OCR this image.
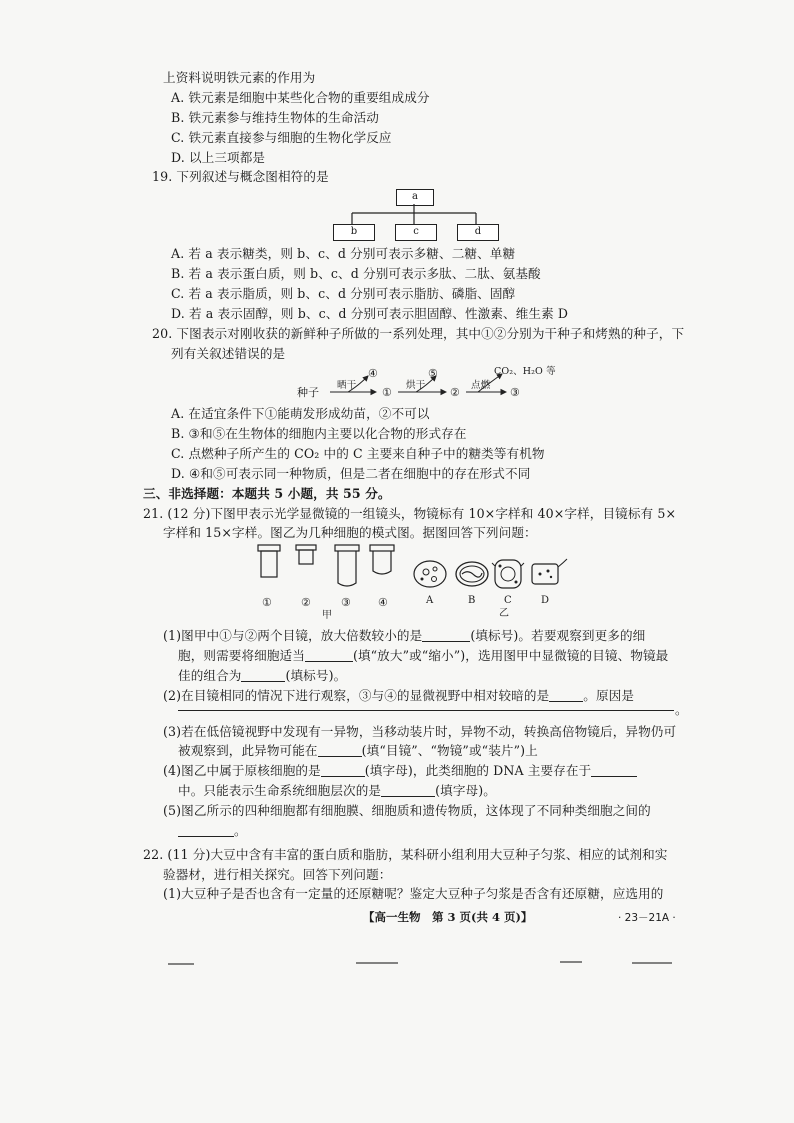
上资料说明铁元素的作用为
A. 铁元素是细胞中某些化合物的重要组成成分
B. 铁元素参与维持生物体的生命活动
C. 铁元素直接参与细胞的生物化学反应
D. 以上三项都是
19. 下列叙述与概念图相符的是
a
b	c	d
A. 若 a 表示糖类，则 b、c、d 分别可表示多糖、二糖、单糖
B. 若 a 表示蛋白质，则 b、c、d 分别可表示多肽、二肽、氨基酸
C. 若 a 表示脂质，则 b、c、d 分别可表示脂肪、磷脂、固醇
D. 若 a 表示固醇，则 b、c、d 分别可表示胆固醇、性激素、维生素 D
20. 下图表示对刚收获的新鲜种子所做的一系列处理，其中①②分别为干种子和烤熟的种子，下
列有关叙述错误的是
种子
晒干
④
①
烘干
⑤
②
点燃
CO₂、H₂O 等
③
A. 在适宜条件下①能萌发形成幼苗，②不可以
B. ③和⑤在生物体的细胞内主要以化合物的形式存在
C. 点燃种子所产生的 CO₂ 中的 C 主要来自种子中的糖类等有机物
D. ④和⑤可表示同一种物质，但是二者在细胞中的存在形式不同
三、非选择题：本题共 5 小题，共 55 分。
21. (12 分)下图甲表示光学显微镜的一组镜头，物镜标有 10×字样和 40×字样，目镜标有 5×
字样和 15×字样。图乙为几种细胞的模式图。据图回答下列问题：
①	②	③ ④
甲
A	B	C	D
乙
(1)图甲中①与②两个目镜，放大倍数较小的是	(填标号)。若要观察到更多的细
胞，则需要将细胞适当	(填“放大”或“缩小”)，选用图甲中显微镜的目镜、物镜最
佳的组合为	(填标号)。
(2)在目镜相同的情况下进行观察，③与④的显微视野中相对较暗的是	。原因是
。
(3)若在低倍镜视野中发现有一异物，当移动装片时，异物不动，转换高倍物镜后，异物仍可
被观察到，此异物可能在	(填“目镜”、“物镜”或“装片”)上
(4)图乙中属于原核细胞的是	(填字母)，此类细胞的 DNA 主要存在于
中。只能表示生命系统细胞层次的是	(填字母)。
(5)图乙所示的四种细胞都有细胞膜、细胞质和遗传物质，这体现了不同种类细胞之间的
。
22. (11 分)大豆中含有丰富的蛋白质和脂肪，某科研小组利用大豆种子匀浆、相应的试剂和实
验器材，进行相关探究。回答下列问题：
(1)大豆种子是否也含有一定量的还原糖呢？鉴定大豆种子匀浆是否含有还原糖，应选用的
【高一生物　第 3 页(共 4 页)】	· 23－21A ·
